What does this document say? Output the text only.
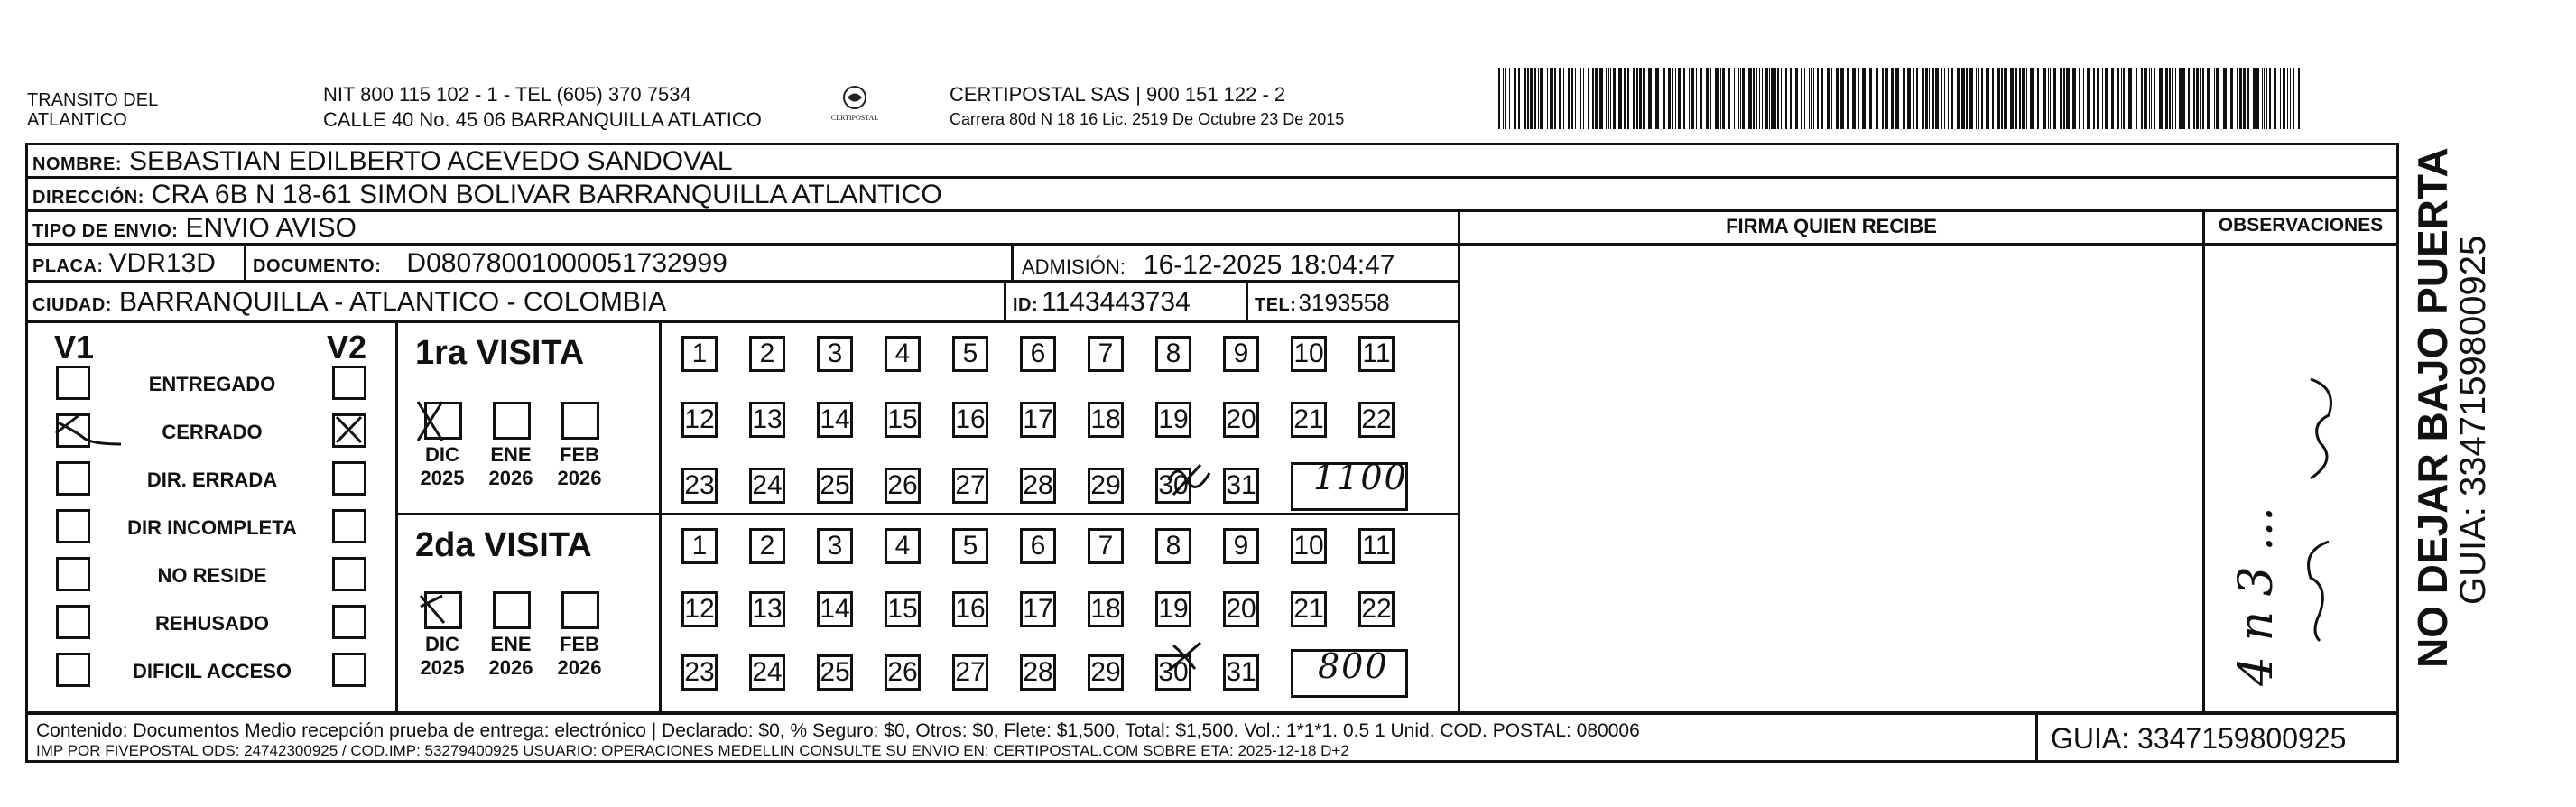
TRANSITO DEL
ATLANTICO
NIT 800 115 102 - 1 - TEL (605) 370 7534
CALLE 40 No. 45 06 BARRANQUILLA ATLATICO	CERTIPOSTAL
CERTIPOSTAL SAS | 900 151 122 - 2
Carrera 80d N 18 16 Lic. 2519 De Octubre 23 De 2015
NOMBRE: SEBASTIAN EDILBERTO ACEVEDO SANDOVAL
DIRECCIÓN: CRA 6B N 18-61 SIMON BOLIVAR BARRANQUILLA ATLANTICO
TIPO DE ENVIO: ENVIO AVISO	FIRMA QUIEN RECIBE	OBSERVACIONES
PLACA: VDR13D DOCUMENTO: D08078001000051732999	ADMISIÓN: 16-12-2025 18:04:47
CIUDAD: BARRANQUILLA - ATLANTICO - COLOMBIA	ID: 1143443734	TEL: 3193558
V1	V2
ENTREGADO
CERRADO
DIR. ERRADA
DIR INCOMPLETA
NO RESIDE
REHUSADO
DIFICIL ACCESO
1ra VISITA
2da VISITA
DIC
2025
ENE
2026
FEB
2026
DIC
2025
ENE
2026
FEB
2026
1	2	3	4	5	6	7	8	9	10 11
12 13 14 15 16 17 18 19 20 21 22
23 24 25 26 27 28 29 30 31
1	2	3	4	5	6	7	8	9	10 11
12 13 14 15 16 17 18 19 20 21 22
23 24 25 26 27 28 29 30 31
1100
800	4 n 3 ...
Contenido: Documentos Medio recepción prueba de entrega: electrónico | Declarado: $0, % Seguro: $0, Otros: $0, Flete: $1,500, Total: $1,500. Vol.: 1*1*1. 0.5 1 Unid. COD. POSTAL: 080006
IMP POR FIVEPOSTAL ODS: 24742300925 / COD.IMP: 53279400925 USUARIO: OPERACIONES MEDELLIN CONSULTE SU ENVIO EN: CERTIPOSTAL.COM SOBRE ETA: 2025-12-18 D+2	GUIA: 3347159800925
NO DEJAR BAJO PUERTA
GUIA: 3347159800925
